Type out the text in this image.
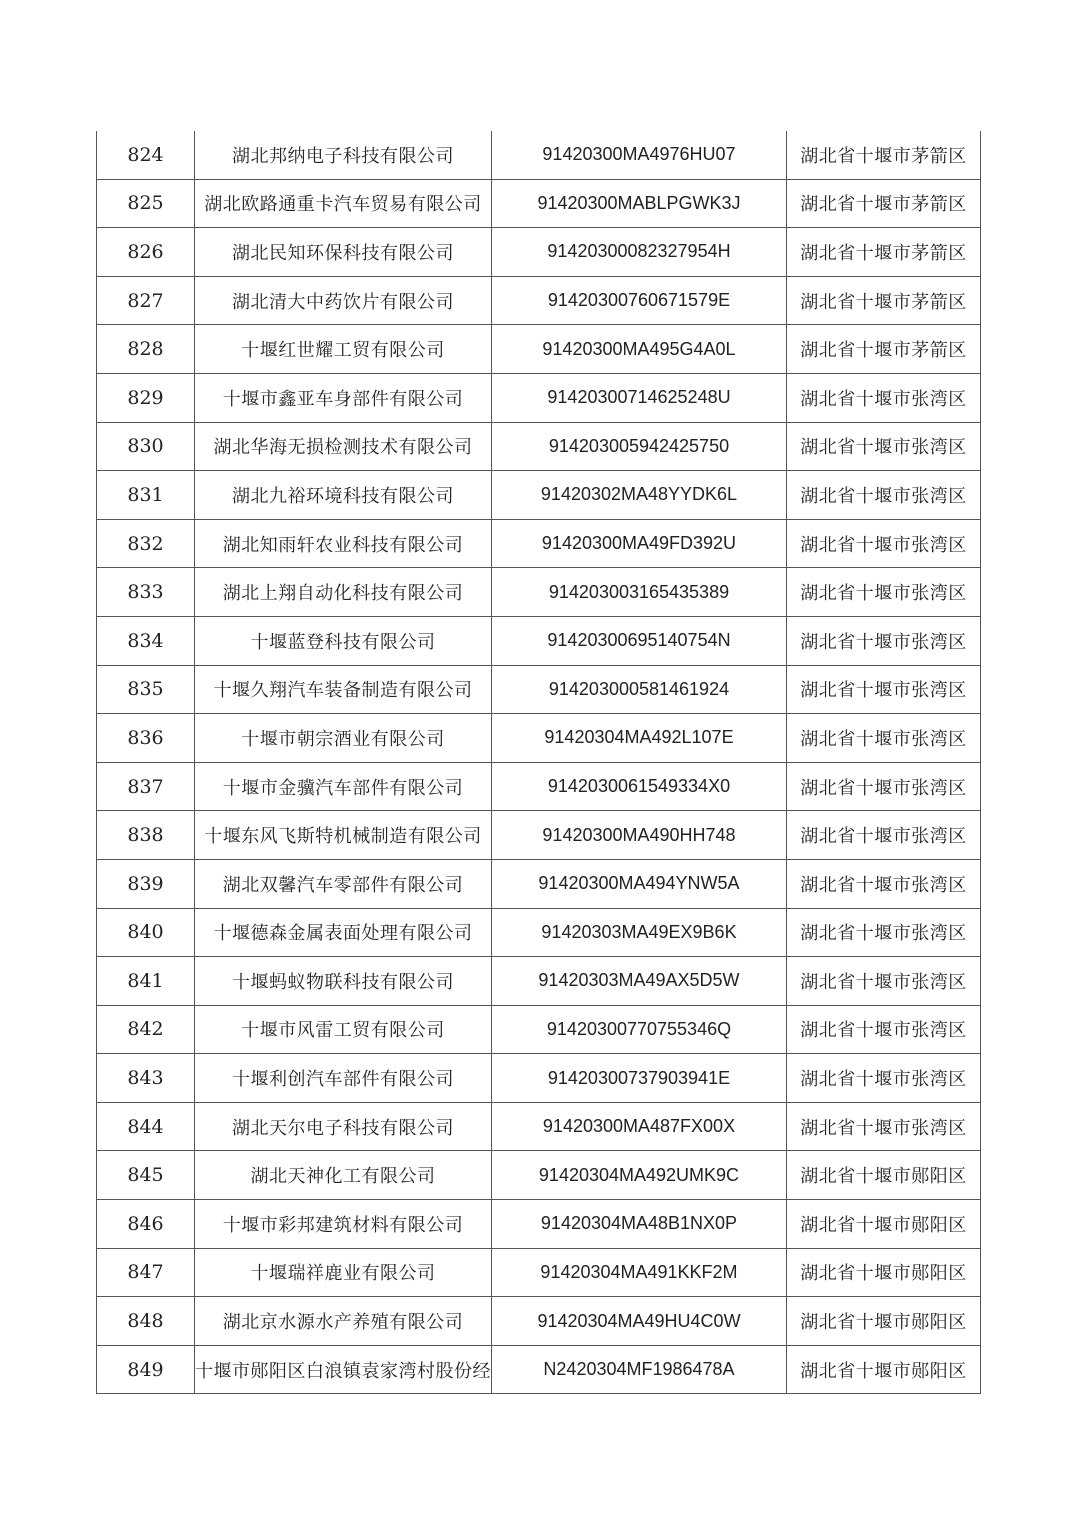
824	湖北邦纳电子科技有限公司	91420300MA4976HU07	湖北省十堰市茅箭区
825	湖北欧路通重卡汽车贸易有限公司	91420300MABLPGWK3J	湖北省十堰市茅箭区
826	湖北民知环保科技有限公司	91420300082327954H	湖北省十堰市茅箭区
827	湖北清大中药饮片有限公司	91420300760671579E	湖北省十堰市茅箭区
828	十堰红世耀工贸有限公司	91420300MA495G4A0L	湖北省十堰市茅箭区
829	十堰市鑫亚车身部件有限公司	91420300714625248U	湖北省十堰市张湾区
830	湖北华海无损检测技术有限公司	914203005942425750	湖北省十堰市张湾区
831	湖北九裕环境科技有限公司	91420302MA48YYDK6L	湖北省十堰市张湾区
832	湖北知雨轩农业科技有限公司	91420300MA49FD392U	湖北省十堰市张湾区
833	湖北上翔自动化科技有限公司	914203003165435389	湖北省十堰市张湾区
834	十堰蓝登科技有限公司	91420300695140754N	湖北省十堰市张湾区
835	十堰久翔汽车装备制造有限公司	914203000581461924	湖北省十堰市张湾区
836	十堰市朝宗酒业有限公司	91420304MA492L107E	湖北省十堰市张湾区
837	十堰市金骥汽车部件有限公司	9142030061549334X0	湖北省十堰市张湾区
838	十堰东风飞斯特机械制造有限公司	91420300MA490HH748	湖北省十堰市张湾区
839	湖北双馨汽车零部件有限公司	91420300MA494YNW5A	湖北省十堰市张湾区
840	十堰德森金属表面处理有限公司	91420303MA49EX9B6K	湖北省十堰市张湾区
841	十堰蚂蚁物联科技有限公司	91420303MA49AX5D5W	湖北省十堰市张湾区
842	十堰市风雷工贸有限公司	91420300770755346Q	湖北省十堰市张湾区
843	十堰利创汽车部件有限公司	91420300737903941E	湖北省十堰市张湾区
844	湖北天尔电子科技有限公司	91420300MA487FX00X	湖北省十堰市张湾区
845	湖北天神化工有限公司	91420304MA492UMK9C	湖北省十堰市郧阳区
846	十堰市彩邦建筑材料有限公司	91420304MA48B1NX0P	湖北省十堰市郧阳区
847	十堰瑞祥鹿业有限公司	91420304MA491KKF2M	湖北省十堰市郧阳区
848	湖北京水源水产养殖有限公司	91420304MA49HU4C0W	湖北省十堰市郧阳区
849	十堰市郧阳区白浪镇袁家湾村股份经	N2420304MF1986478A	湖北省十堰市郧阳区
